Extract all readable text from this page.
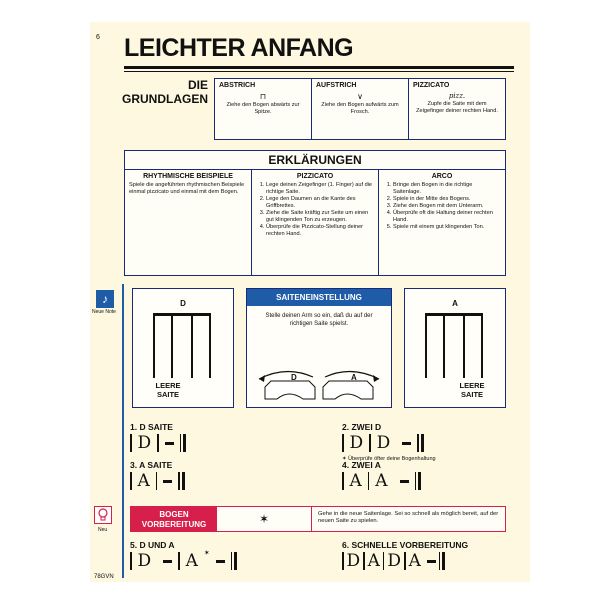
6 LEICHTER ANFANG
DIE
GRUNDLAGEN
ABSTRICH
⊓
Ziehe den Bogen abwärts zur Spitze.
AUFSTRICH
∨
Ziehe den Bogen aufwärts zum Frosch.
PIZZICATO
pizz.
Zupfe die Saite mit dem Zeigefinger deiner rechten Hand.
ERKLÄRUNGEN
RHYTHMISCHE BEISPIELE
Spiele die angeführten rhythmischen Beispiele einmal pizzicato und einmal mit dem Bogen.
PIZZICATO
1. Lege deinen Zeigefinger (1. Finger) auf die richtige Saite.
2. Lege den Daumen an die Kante des Griffbrettes.
3. Ziehe die Saite kräftig zur Seite um einen gut klingenden Ton zu erzeugen.
4. Überprüfe die Pizzicato-Stellung deiner rechten Hand.
ARCO
1. Bringe den Bogen in die richtige Saitenlage.
2. Spiele in der Mitte des Bogens.
3. Ziehe den Bogen mit dem Unterarm.
4. Überprüfe oft die Haltung deiner rechten Hand.
5. Spiele mit einem gut klingenden Ton.
♪
Neue Note
D
LEERE
SAITE
SAITENEINSTELLUNG
Stelle deinen Arm so ein, daß du auf der richtigen Saite spielst.
D	A
A
LEERE
SAITE
1. D SAITE
D
2. ZWEI D
D D
✶ Überprüfe öfter deine Bogenhaltung
3. A SAITE
A
4. ZWEI A
A A
Neu
BOGEN
VORBEREITUNG	✶	Gehe in die neue Saitenlage. Sei so schnell als möglich bereit, auf der neuen Saite zu spielen.
5. D UND A
D A ✶
6. SCHNELLE VORBEREITUNG
D A D A
78GVN
